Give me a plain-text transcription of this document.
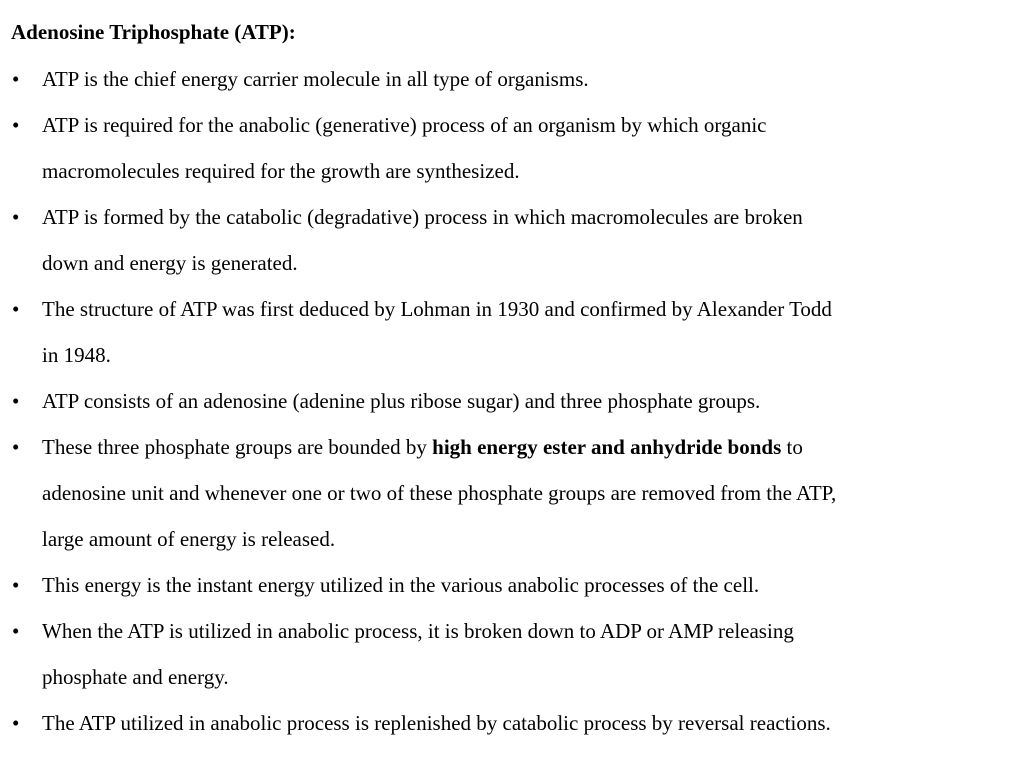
Adenosine Triphosphate (ATP):
• ATP is the chief energy carrier molecule in all type of organisms.
• ATP is required for the anabolic (generative) process of an organism by which organic
macromolecules required for the growth are synthesized.
• ATP is formed by the catabolic (degradative) process in which macromolecules are broken
down and energy is generated.
• The structure of ATP was first deduced by Lohman in 1930 and confirmed by Alexander Todd
in 1948.
• ATP consists of an adenosine (adenine plus ribose sugar) and three phosphate groups.
• These three phosphate groups are bounded by high energy ester and anhydride bonds to
adenosine unit and whenever one or two of these phosphate groups are removed from the ATP,
large amount of energy is released.
• This energy is the instant energy utilized in the various anabolic processes of the cell.
• When the ATP is utilized in anabolic process, it is broken down to ADP or AMP releasing
phosphate and energy.
• The ATP utilized in anabolic process is replenished by catabolic process by reversal reactions.
